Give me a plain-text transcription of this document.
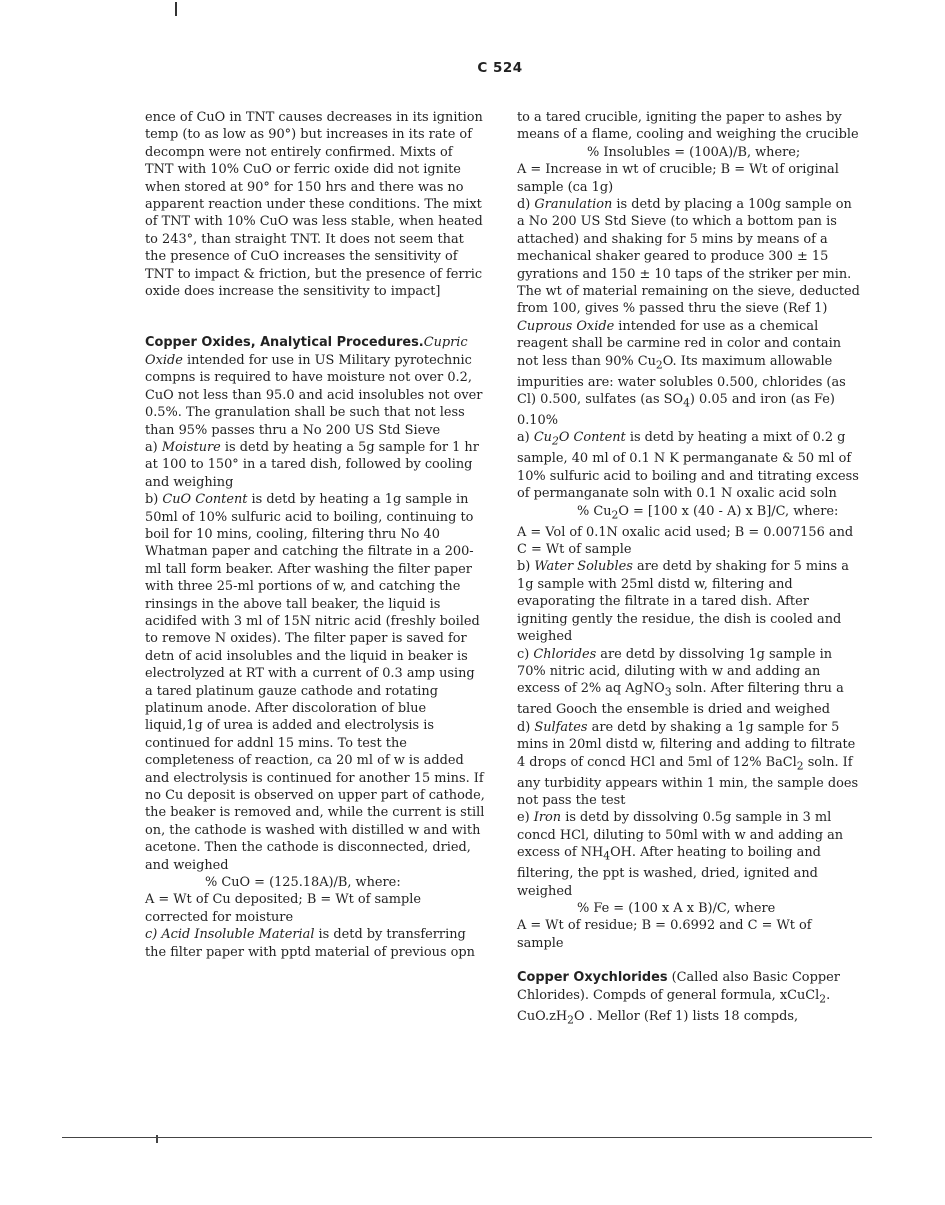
C 524

ence of CuO in TNT causes decreases in its ignition temp (to as low as 90°) but increases in its rate of decompn were not entirely confirmed. Mixts of TNT with 10% CuO or ferric oxide did not ignite when stored at 90° for 150 hrs and there was no apparent reaction under these conditions. The mixt of TNT with 10% CuO was less stable, when heated to 243°, than straight TNT. It does not seem that the presence of CuO increases the sensitivity of TNT to impact & friction, but the presence of ferric oxide does increase the sensitivity to impact]

Copper Oxides, Analytical Procedures.Cupric Oxide intended for use in US Military pyrotechnic compns is required to have moisture not over 0.2, CuO not less than 95.0 and acid insolubles not over 0.5%. The granulation shall be such that not less than 95% passes thru a No 200 US Std Sieve

a) Moisture is detd by heating a 5g sample for 1 hr at 100 to 150° in a tared dish, followed by cooling and weighing

b) CuO Content is detd by heating a 1g sample in 50ml of 10% sulfuric acid to boiling, continuing to boil for 10 mins, cooling, filtering thru No 40 Whatman paper and catching the filtrate in a 200-ml tall form beaker. After washing the filter paper with three 25-ml portions of w, and catching the rinsings in the above tall beaker, the liquid is acidifed with 3 ml of 15N nitric acid (freshly boiled to remove N oxides). The filter paper is saved for detn of acid insolubles and the liquid in beaker is electrolyzed at RT with a current of 0.3 amp using a tared platinum gauze cathode and rotating platinum anode. After discoloration of blue liquid,1g of urea is added and electrolysis is continued for addnl 15 mins. To test the completeness of reaction, ca 20 ml of w is added and electrolysis is continued for another 15 mins. If no Cu deposit is observed on upper part of cathode, the beaker is removed and, while the current is still on, the cathode is washed with distilled w and with acetone. Then the cathode is disconnected, dried, and weighed

% CuO = (125.18A)/B, where:

A = Wt of Cu deposited; B = Wt of sample corrected for moisture

c) Acid Insoluble Material is detd by transferring the filter paper with pptd material of previous opn

to a tared crucible, igniting the paper to ashes by means of a flame, cooling and weighing the crucible

% Insolubles = (100A)/B, where;

A = Increase in wt of crucible; B = Wt of original sample (ca 1g)

d) Granulation is detd by placing a 100g sample on a No 200 US Std Sieve (to which a bottom pan is attached) and shaking for 5 mins by means of a mechanical shaker geared to produce 300 ± 15 gyrations and 150 ± 10 taps of the striker per min. The wt of material remaining on the sieve, deducted from 100, gives % passed thru the sieve (Ref 1)

Cuprous Oxide intended for use as a chemical reagent shall be carmine red in color and contain not less than 90% $Cu_2O$. Its maximum allowable impurities are: water solubles 0.500, chlorides (as Cl) 0.500, sulfates (as $SO_4$) 0.05 and iron (as Fe) 0.10%

a) $Cu_2O$ Content is detd by heating a mixt of 0.2 g sample, 40 ml of 0.1 N K permanganate & 50 ml of 10% sulfuric acid to boiling and and titrating excess of permanganate soln with 0.1 N oxalic acid soln

% $Cu_2O = [100$ x (40 - A) x B]/C, where:

A = Vol of 0.1N oxalic acid used; B = 0.007156 and C = Wt of sample

b) Water Solubles are detd by shaking for 5 mins a 1g sample with 25ml distd w, filtering and evaporating the filtrate in a tared dish. After igniting gently the residue, the dish is cooled and weighed

c) Chlorides are detd by dissolving 1g sample in 70% nitric acid, diluting with w and adding an excess of 2% aq AgNO$_3$ soln. After filtering thru a tared Gooch the ensemble is dried and weighed

d) Sulfates are detd by shaking a 1g sample for 5 mins in 20ml distd w, filtering and adding to filtrate 4 drops of concd HCl and 5ml of 12% BaCl$_2$ soln. If any turbidity appears within 1 min, the sample does not pass the test

e) Iron is detd by dissolving 0.5g sample in 3 ml concd HCl, diluting to 50ml with w and adding an excess of $NH_4OH$. After heating to boiling and filtering, the ppt is washed, dried, ignited and weighed

% Fe = (100 x A x B)/C, where

A = Wt of residue; B = 0.6992 and C = Wt of sample

Copper Oxychlorides (Called also Basic Copper Chlorides). Compds of general formula, xCuCl$_2$. $CuO.zH_2O$ . Mellor (Ref 1) lists 18 compds,
